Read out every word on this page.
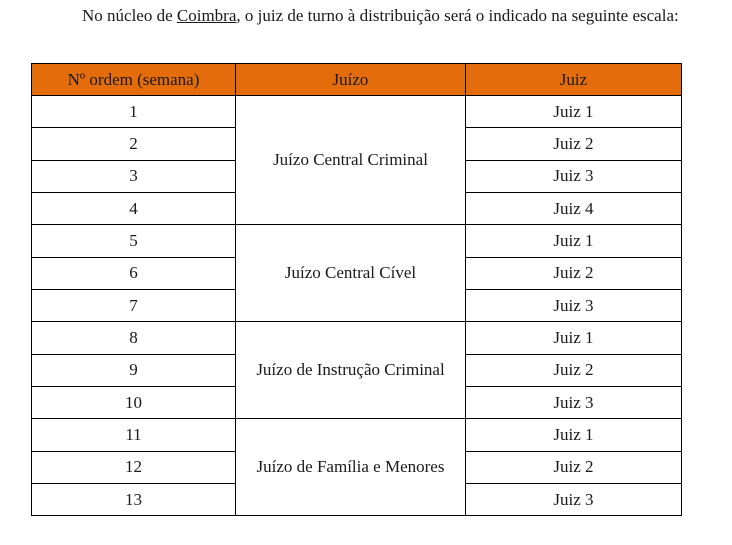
No núcleo de Coimbra, o juiz de turno à distribuição será o indicado na seguinte escala:

Nº ordem (semana)	Juízo	Juiz
1	Juízo Central Criminal	Juiz 1
2		Juiz 2
3		Juiz 3
4		Juiz 4
5	Juízo Central Cível	Juiz 1
6		Juiz 2
7		Juiz 3
8	Juízo de Instrução Criminal	Juiz 1
9		Juiz 2
10		Juiz 3
11	Juízo de Família e Menores	Juiz 1
12		Juiz 2
13		Juiz 3
